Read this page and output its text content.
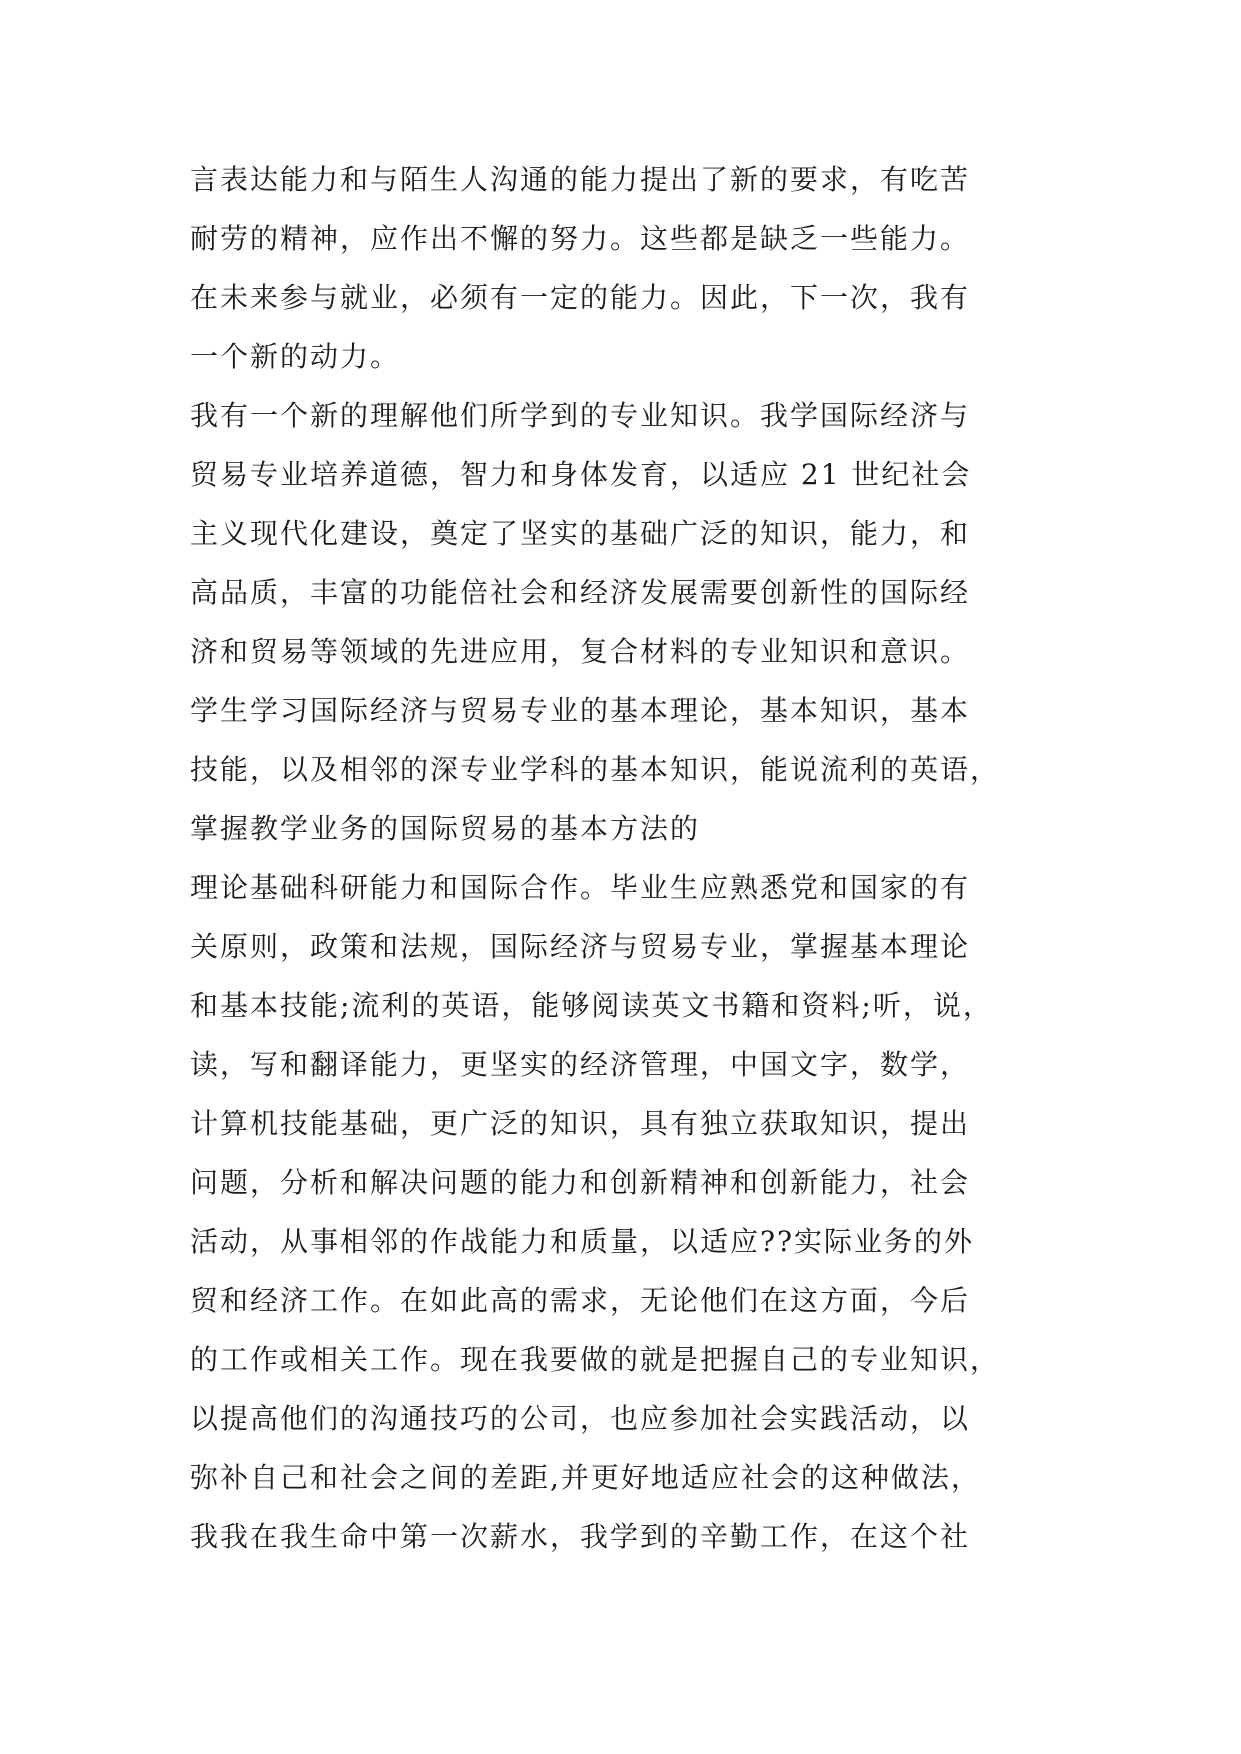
言表达能力和与陌生人沟通的能力提出了新的要求，有吃苦
耐劳的精神，应作出不懈的努力。这些都是缺乏一些能力。
在未来参与就业，必须有一定的能力。因此，下一次，我有
一个新的动力。
我有一个新的理解他们所学到的专业知识。我学国际经济与
贸易专业培养道德，智力和身体发育，以适应 21 世纪社会
主义现代化建设，奠定了坚实的基础广泛的知识，能力，和
高品质，丰富的功能倍社会和经济发展需要创新性的国际经
济和贸易等领域的先进应用，复合材料的专业知识和意识。
学生学习国际经济与贸易专业的基本理论，基本知识，基本
技能，以及相邻的深专业学科的基本知识，能说流利的英语，
掌握教学业务的国际贸易的基本方法的
理论基础科研能力和国际合作。毕业生应熟悉党和国家的有
关原则，政策和法规，国际经济与贸易专业，掌握基本理论
和基本技能;流利的英语，能够阅读英文书籍和资料;听，说，
读，写和翻译能力，更坚实的经济管理，中国文字，数学，
计算机技能基础，更广泛的知识，具有独立获取知识，提出
问题，分析和解决问题的能力和创新精神和创新能力，社会
活动，从事相邻的作战能力和质量，以适应??实际业务的外
贸和经济工作。在如此高的需求，无论他们在这方面，今后
的工作或相关工作。现在我要做的就是把握自己的专业知识，
以提高他们的沟通技巧的公司，也应参加社会实践活动，以
弥补自己和社会之间的差距,并更好地适应社会的这种做法，
我我在我生命中第一次薪水，我学到的辛勤工作，在这个社
